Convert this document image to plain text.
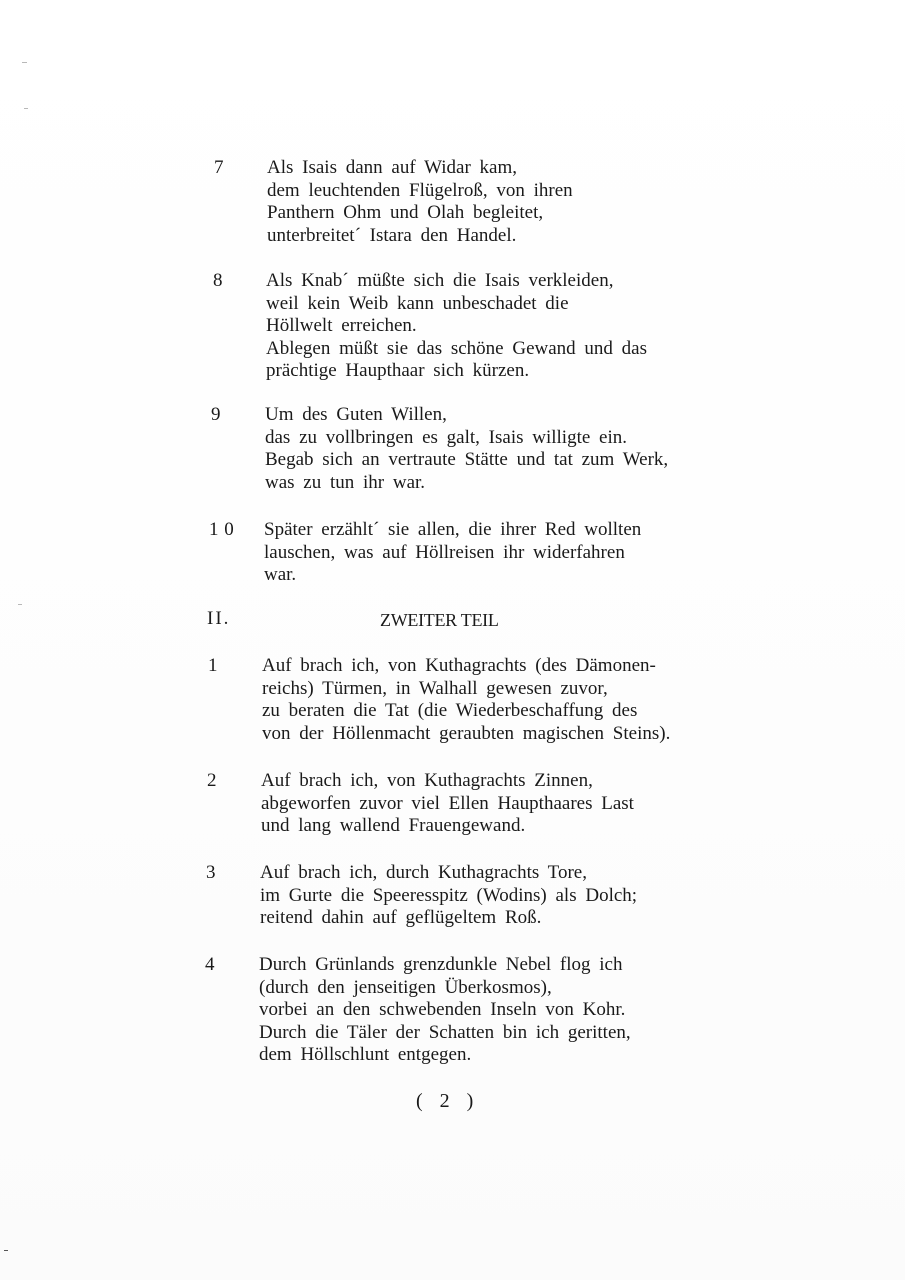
7 Als Isais dann auf Widar kam,
dem leuchtenden Flügelroß, von ihren
Panthern Ohm und Olah begleitet,
unterbreitet´ Istara den Handel.
8 Als Knab´ müßte sich die Isais verkleiden,
weil kein Weib kann unbeschadet die
Höllwelt erreichen.
Ablegen müßt sie das schöne Gewand und das
prächtige Haupthaar sich kürzen.
9 Um des Guten Willen,
das zu vollbringen es galt, Isais willigte ein.
Begab sich an vertraute Stätte und tat zum Werk,
was zu tun ihr war.
1 0 Später erzählt´ sie allen, die ihrer Red wollten
lauschen, was auf Höllreisen ihr widerfahren
war.
II.	ZWEITER TEIL
1 Auf brach ich, von Kuthagrachts (des Dämonen-
reichs) Türmen, in Walhall gewesen zuvor,
zu beraten die Tat (die Wiederbeschaffung des
von der Höllenmacht geraubten magischen Steins).
2 Auf brach ich, von Kuthagrachts Zinnen,
abgeworfen zuvor viel Ellen Haupthaares Last
und lang wallend Frauengewand.
3 Auf brach ich, durch Kuthagrachts Tore,
im Gurte die Speeresspitz (Wodins) als Dolch;
reitend dahin auf geflügeltem Roß.
4 Durch Grünlands grenzdunkle Nebel flog ich
(durch den jenseitigen Überkosmos),
vorbei an den schwebenden Inseln von Kohr.
Durch die Täler der Schatten bin ich geritten,
dem Höllschlunt entgegen.
( 2 )
